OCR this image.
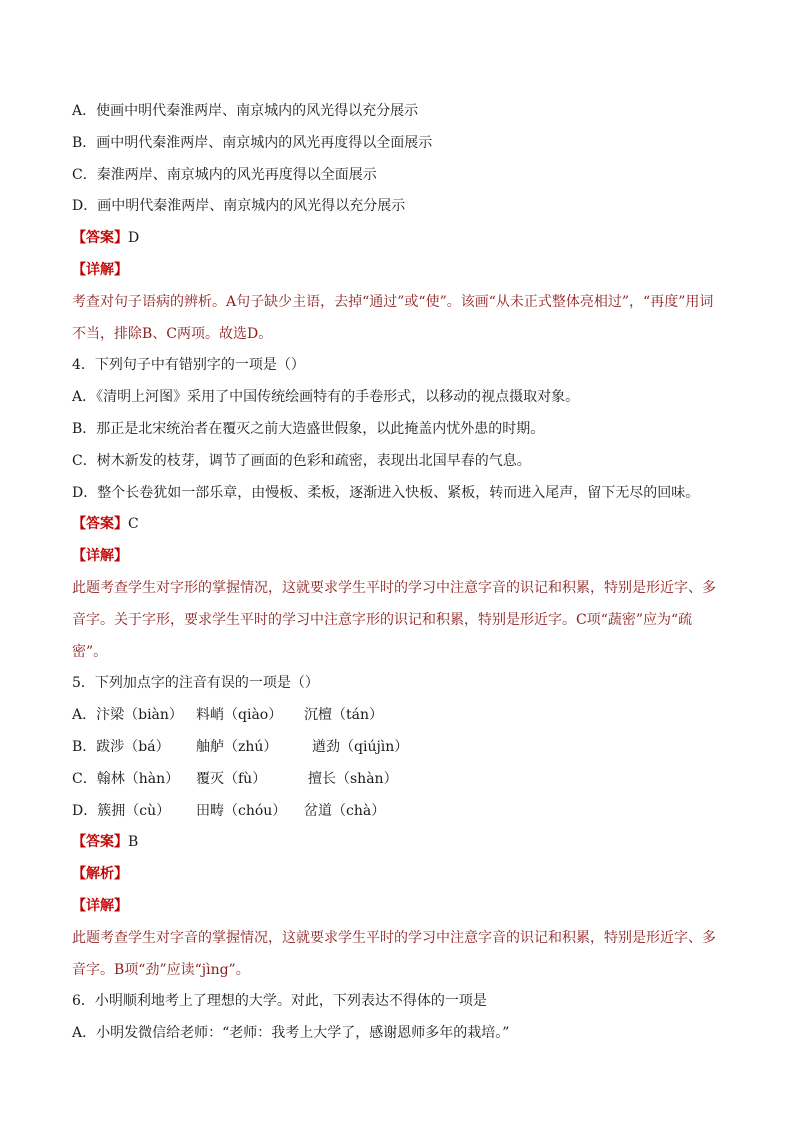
A．使画中明代秦淮两岸、南京城内的风光得以充分展示
B．画中明代秦淮两岸、南京城内的风光再度得以全面展示
C．秦淮两岸、南京城内的风光再度得以全面展示
D．画中明代秦淮两岸、南京城内的风光得以充分展示
【答案】D
【详解】
考查对句子语病的辨析。A句子缺少主语，去掉“通过”或“使”。该画“从未正式整体亮相过”，“再度”用词不当，排除B、C两项。故选D。
4．下列句子中有错别字的一项是（）
A．《清明上河图》采用了中国传统绘画特有的手卷形式，以移动的视点摄取对象。
B．那正是北宋统治者在覆灭之前大造盛世假象，以此掩盖内忧外患的时期。
C．树木新发的枝芽，调节了画面的色彩和疏密，表现出北国早春的气息。
D．整个长卷犹如一部乐章，由慢板、柔板，逐渐进入快板、紧板，转而进入尾声，留下无尽的回味。
【答案】C
【详解】
此题考查学生对字形的掌握情况，这就要求学生平时的学习中注意字音的识记和积累，特别是形近字、多音字。关于字形，要求学生平时的学习中注意字形的识记和积累，特别是形近字。C项“蔬密”应为“疏密”。
5．下列加点字的注音有误的一项是（）
A．汴梁（biàn） 料峭（qiào）	沉檀（tán）
B．跋涉（bá）	舳舻（zhú）	遒劲（qiújìn）
C．翰林（hàn）	覆灭（fù）	擅长（shàn）
D．簇拥（cù）	田畴（chóu）	岔道（chà）
【答案】B
【解析】
【详解】
此题考查学生对字音的掌握情况，这就要求学生平时的学习中注意字音的识记和积累，特别是形近字、多音字。B项“劲”应读“jìng”。
6．小明顺利地考上了理想的大学。对此，下列表达不得体的一项是
A．小明发微信给老师：“老师：我考上大学了，感谢恩师多年的栽培。”
